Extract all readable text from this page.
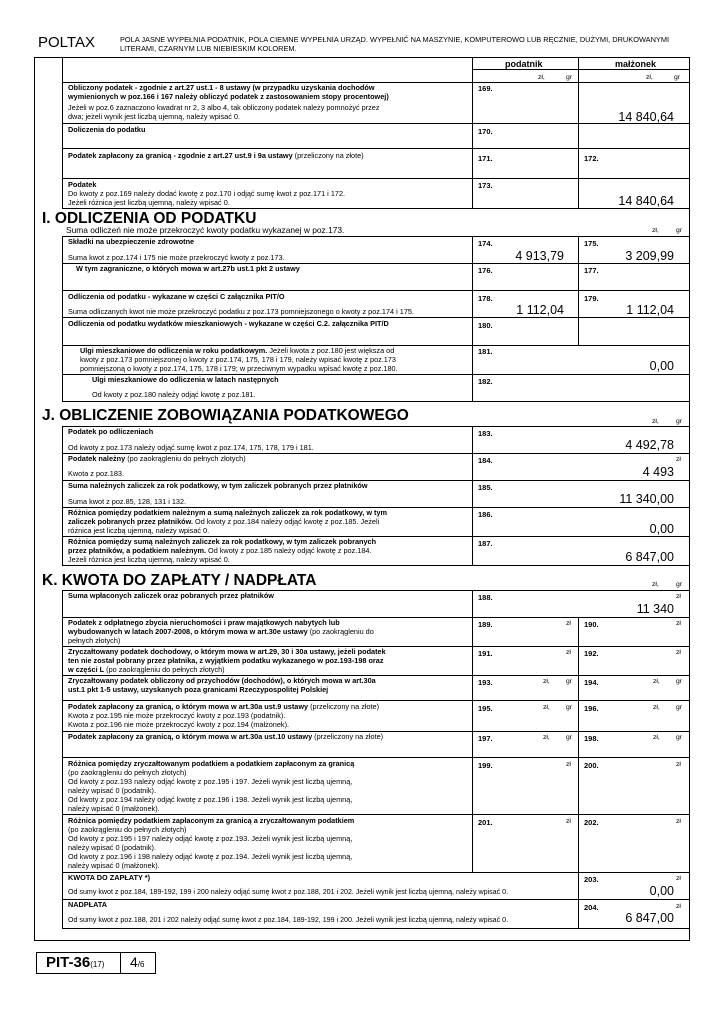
POLTAX	POLA JASNE WYPEŁNIA PODATNIK, POLA CIEMNE WYPEŁNIA URZĄD. WYPEŁNIĆ NA MASZYNIE, KOMPUTEROWO LUB RĘCZNIE, DUŻYMI, DRUKOWANYMI
LITERAMI, CZARNYM LUB NIEBIESKIM KOLOREM.
podatnik	małżonek
zł,	gr	zł,	gr
Obliczony podatek - zgodnie z art.27 ust.1 - 8 ustawy (w przypadku uzyskania dochodów
wymienionych w poz.166 i 167 należy obliczyć podatek z zastosowaniem stopy procentowej)
Jeżeli w poz.6 zaznaczono kwadrat nr 2, 3 albo 4, tak obliczony podatek należy pomnożyć przez
dwa; jeżeli wynik jest liczbą ujemną, należy wpisać 0.
169.
14 840,64
Doliczenia do podatku	170.
Podatek zapłacony za granicą - zgodnie z art.27 ust.9 i 9a ustawy (przeliczony na złote)	171.	172.
Podatek
Do kwoty z poz.169 należy dodać kwotę z poz.170 i odjąć sumę kwot z poz.171 i 172.
Jeżeli różnica jest liczbą ujemną, należy wpisać 0.
173.
14 840,64
I. ODLICZENIA OD PODATKU
Suma odliczeń nie może przekroczyć kwoty podatku wykazanej w poz.173.	zł,	gr
Składki na ubezpieczenie zdrowotne
Suma kwot z poz.174 i 175 nie może przekroczyć kwoty z poz.173.
174.
4 913,79
175.
3 209,99
W tym zagraniczne, o których mowa w art.27b ust.1 pkt 2 ustawy	176.	177.
Odliczenia od podatku - wykazane w części C załącznika PIT/O
Suma odliczanych kwot nie może przekroczyć podatku z poz.173 pomniejszonego o kwoty z poz.174 i 175.
178.
1 112,04
179.
1 112,04
Odliczenia od podatku wydatków mieszkaniowych - wykazane w części C.2. załącznika PIT/D	180.
Ulgi mieszkaniowe do odliczenia w roku podatkowym. Jeżeli kwota z poz.180 jest większa od
kwoty z poz.173 pomniejszonej o kwoty z poz.174, 175, 178 i 179, należy wpisać kwotę z poz.173
pomniejszoną o kwoty z poz.174, 175, 178 i 179; w przeciwnym wypadku wpisać kwotę z poz.180.
181.
0,00
Ulgi mieszkaniowe do odliczenia w latach następnych
Od kwoty z poz.180 należy odjąć kwotę z poz.181.
182.
J. OBLICZENIE ZOBOWIĄZANIA PODATKOWEGO	zł,	gr
Podatek po odliczeniach
Od kwoty z poz.173 należy odjąć sumę kwot z poz.174, 175, 178, 179 i 181.
183.
4 492,78
Podatek należny (po zaokrągleniu do pełnych złotych)
Kwota z poz.183.
184.	zł
4 493
Suma należnych zaliczek za rok podatkowy, w tym zaliczek pobranych przez płatników
Suma kwot z poz.85, 128, 131 i 132.
185.
11 340,00
Różnica pomiędzy podatkiem należnym a sumą należnych zaliczek za rok podatkowy, w tym
zaliczek pobranych przez płatników. Od kwoty z poz.184 należy odjąć kwotę z poz.185. Jeżeli
różnica jest liczbą ujemną, należy wpisać 0.
186.
0,00
Różnica pomiędzy sumą należnych zaliczek za rok podatkowy, w tym zaliczek pobranych
przez płatników, a podatkiem należnym. Od kwoty z poz.185 należy odjąć kwotę z poz.184.
Jeżeli różnica jest liczbą ujemną, należy wpisać 0.
187.
6 847,00
K. KWOTA DO ZAPŁATY / NADPŁATA	zł,	gr
Suma wpłaconych zaliczek oraz pobranych przez płatników	188.	zł
11 340
Podatek z odpłatnego zbycia nieruchomości i praw majątkowych nabytych lub
wybudowanych w latach 2007-2008, o którym mowa w art.30e ustawy (po zaokrągleniu do
pełnych złotych)
189.	zł 190.	zł
Zryczałtowany podatek dochodowy, o którym mowa w art.29, 30 i 30a ustawy, jeżeli podatek
ten nie został pobrany przez płatnika, z wyjątkiem podatku wykazanego w poz.193-198 oraz
w części L (po zaokrągleniu do pełnych złotych)
191.	zł 192.	zł
Zryczałtowany podatek obliczony od przychodów (dochodów), o których mowa w art.30a
ust.1 pkt 1-5 ustawy, uzyskanych poza granicami Rzeczypospolitej Polskiej
193.	zł, gr 194.	zł, gr
Podatek zapłacony za granicą, o którym mowa w art.30a ust.9 ustawy (przeliczony na złote)
Kwota z poz.195 nie może przekroczyć kwoty z poz.193 (podatnik).
Kwota z poz.196 nie może przekroczyć kwoty z poz.194 (małżonek).
195.	zł, gr 196.	zł, gr
Podatek zapłacony za granicą, o którym mowa w art.30a ust.10 ustawy (przeliczony na złote)	197.	zł, gr 198.	zł, gr
Różnica pomiędzy zryczałtowanym podatkiem a podatkiem zapłaconym za granicą
(po zaokrągleniu do pełnych złotych)
Od kwoty z poz.193 należy odjąć kwotę z poz.195 i 197. Jeżeli wynik jest liczbą ujemną,
należy wpisać 0 (podatnik).
Od kwoty z poz.194 należy odjąć kwotę z poz.196 i 198. Jeżeli wynik jest liczbą ujemną,
należy wpisać 0 (małżonek).
199.	zł 200.	zł
Różnica pomiędzy podatkiem zapłaconym za granicą a zryczałtowanym podatkiem
(po zaokrągleniu do pełnych złotych)
Od kwoty z poz.195 i 197 należy odjąć kwotę z poz.193. Jeżeli wynik jest liczbą ujemną,
należy wpisać 0 (podatnik).
Od kwoty z poz.196 i 198 należy odjąć kwotę z poz.194. Jeżeli wynik jest liczbą ujemną,
należy wpisać 0 (małżonek).
201.	zł 202.	zł
KWOTA DO ZAPŁATY *)
Od sumy kwot z poz.184, 189-192, 199 i 200 należy odjąć sumę kwot z poz.188, 201 i 202. Jeżeli wynik jest liczbą ujemną, należy wpisać 0.
203.	zł
0,00
NADPŁATA
Od sumy kwot z poz.188, 201 i 202 należy odjąć sumę kwot z poz.184, 189-192, 199 i 200. Jeżeli wynik jest liczbą ujemną, należy wpisać 0.
204.	zł
6 847,00
PIT-36(17) 4/6
